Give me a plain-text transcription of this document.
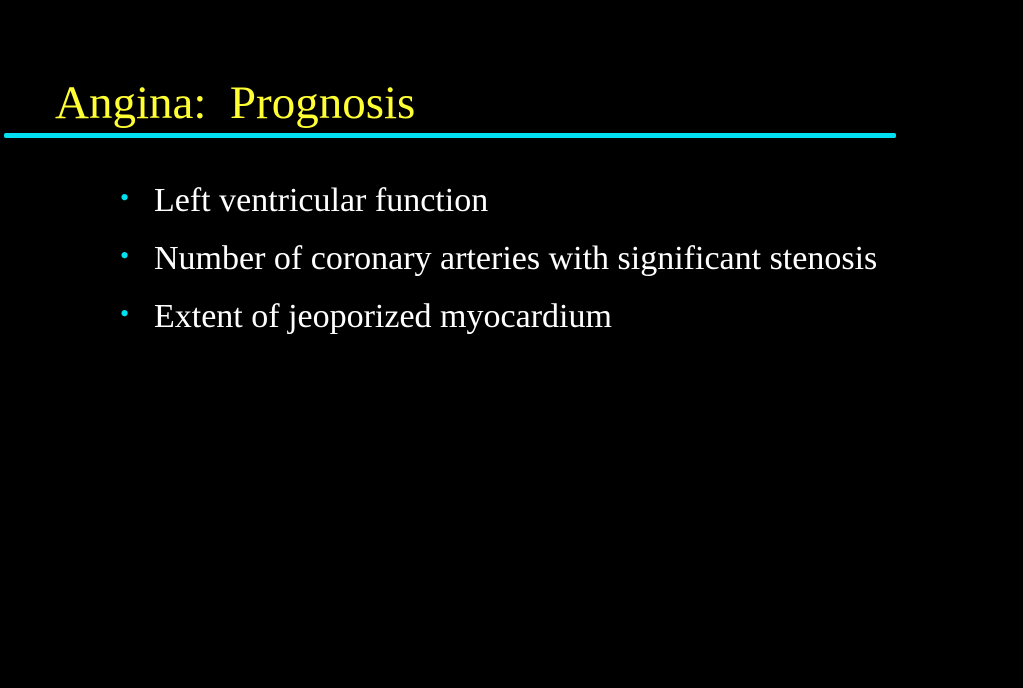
Angina:  Prognosis
• Left ventricular function
• Number of coronary arteries with significant stenosis
• Extent of jeoporized myocardium
